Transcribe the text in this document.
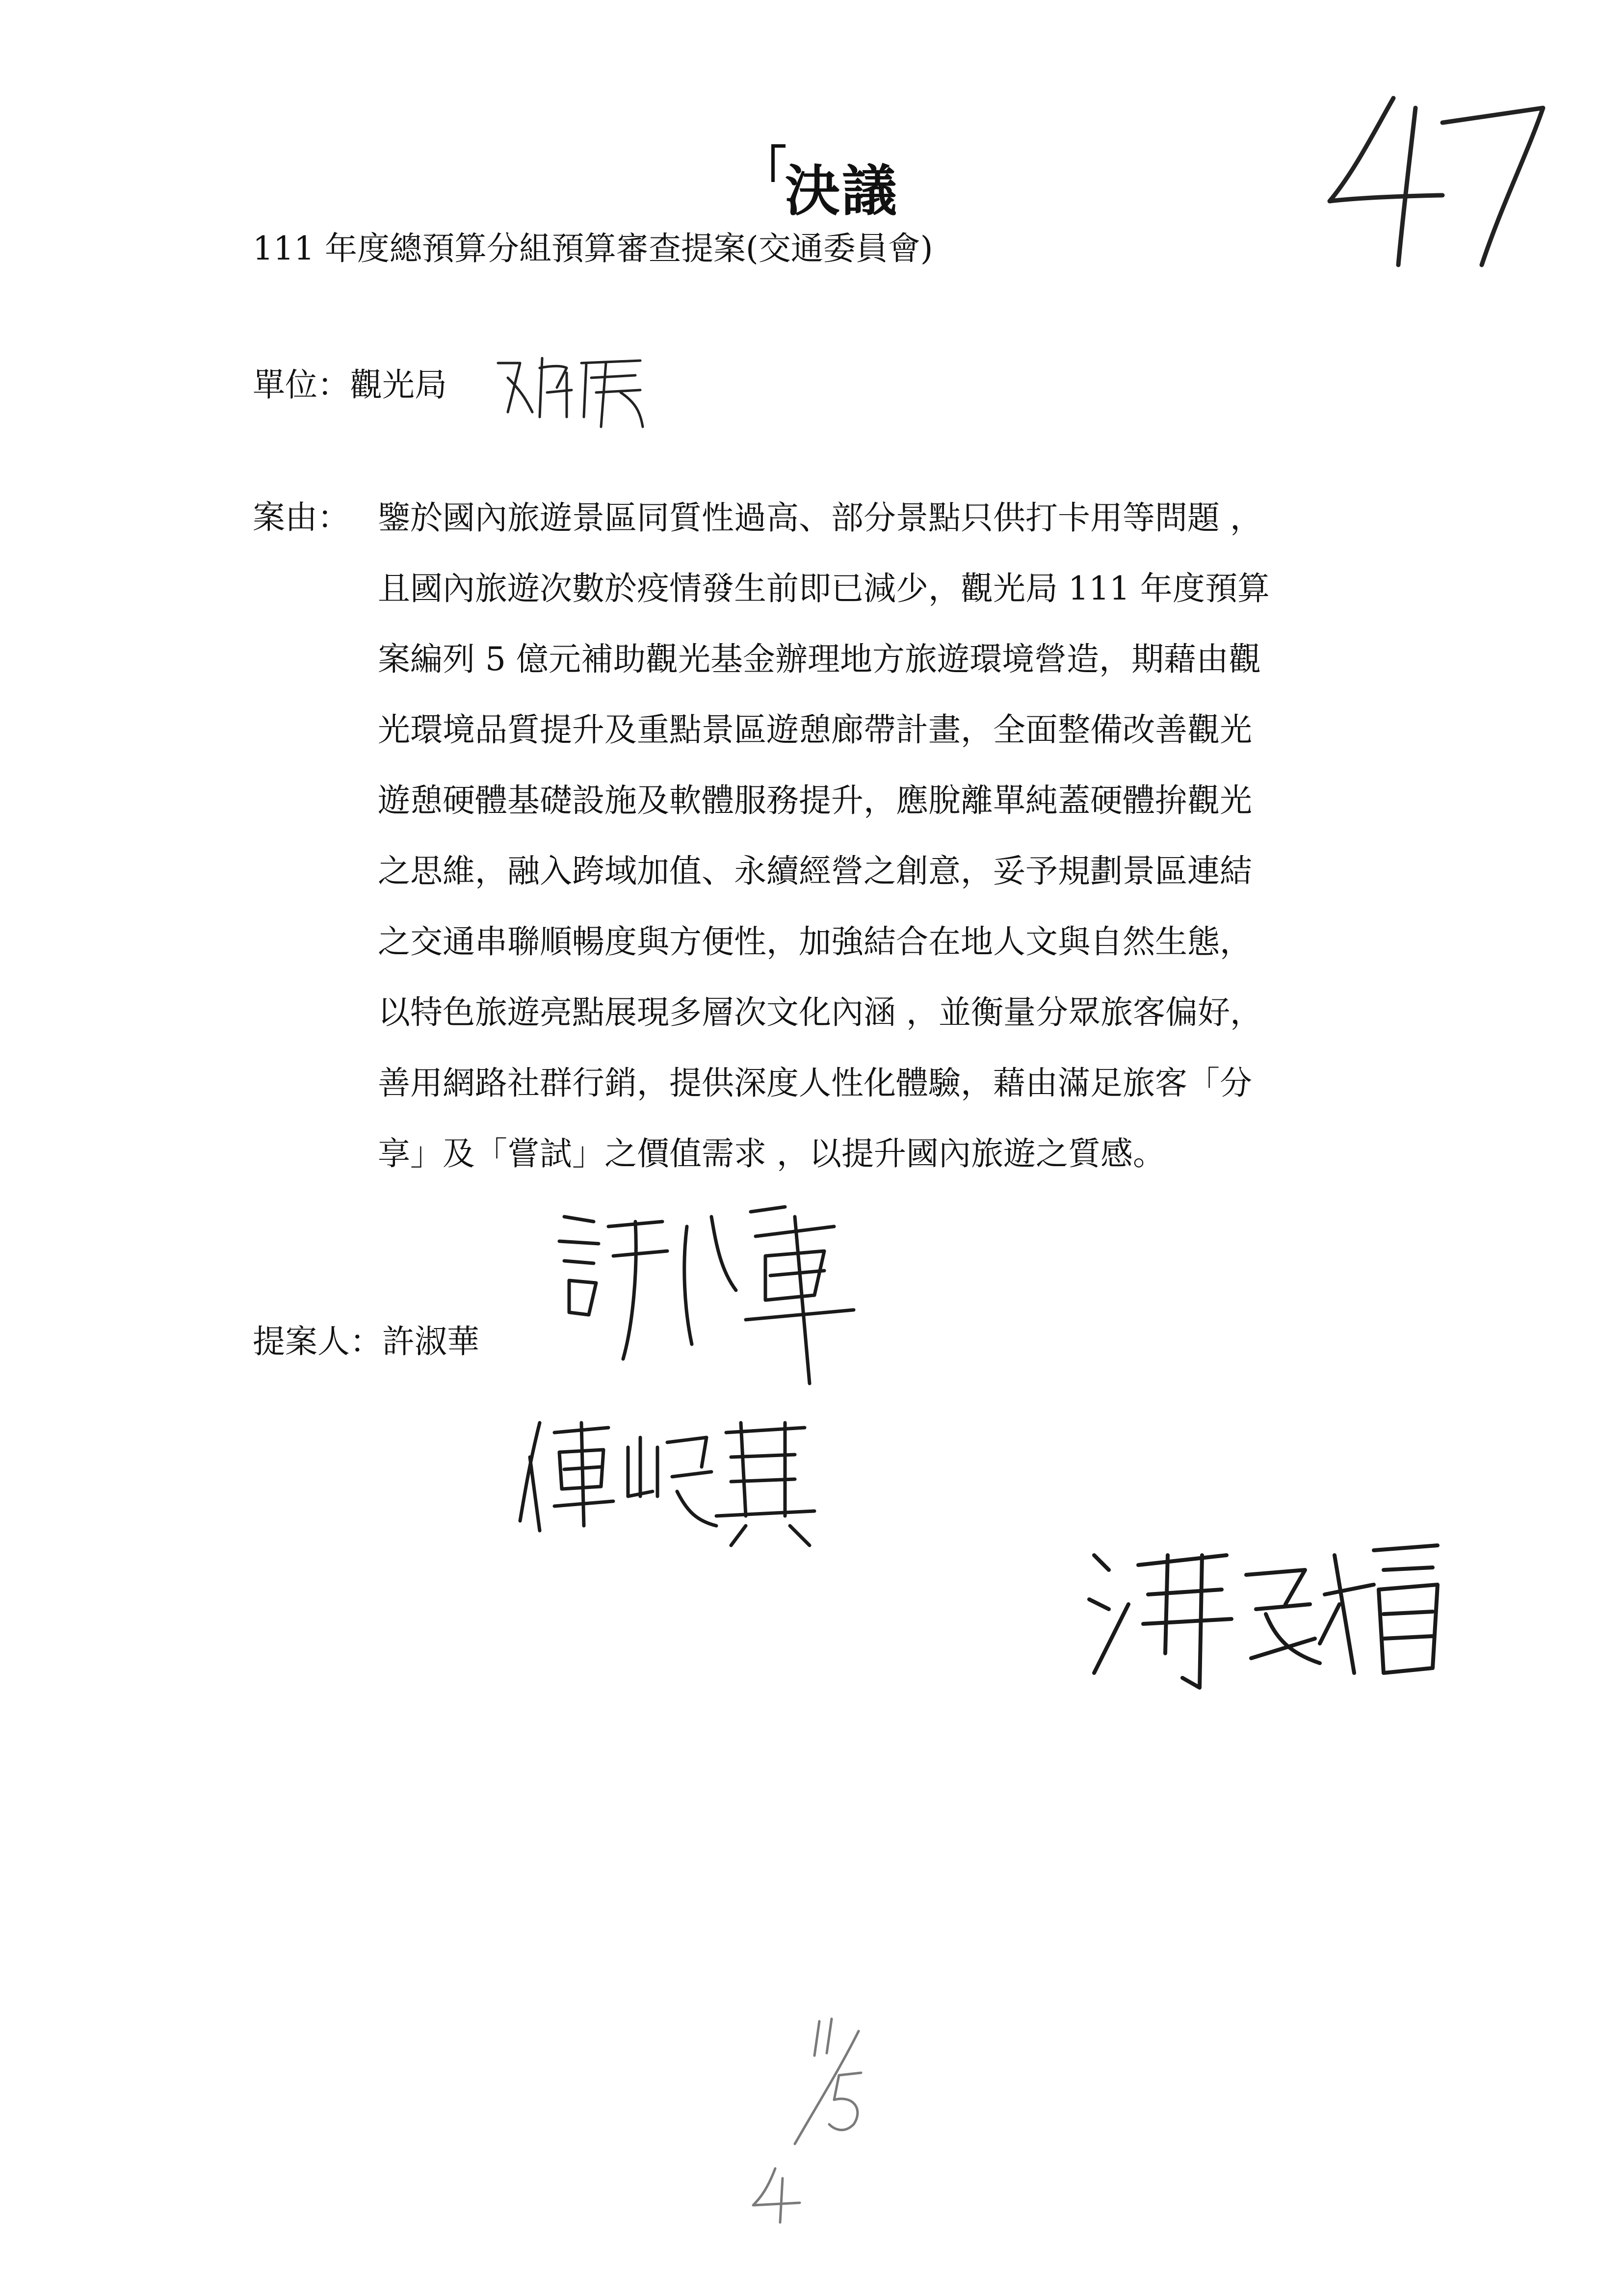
決議
111 年度總預算分組預算審查提案(交通委員會)
單位：觀光局
案由： 鑒於國內旅遊景區同質性過高、部分景點只供打卡用等問題 ，
且國內旅遊次數於疫情發生前即已減少，觀光局 111 年度預算
案編列 5 億元補助觀光基金辦理地方旅遊環境營造，期藉由觀
光環境品質提升及重點景區遊憩廊帶計畫，全面整備改善觀光
遊憩硬體基礎設施及軟體服務提升，應脫離單純蓋硬體拚觀光
之思維，融入跨域加值、永續經營之創意，妥予規劃景區連結
之交通串聯順暢度與方便性，加強結合在地人文與自然生態，
以特色旅遊亮點展現多層次文化內涵 ，並衡量分眾旅客偏好，
善用網路社群行銷，提供深度人性化體驗，藉由滿足旅客「分
享」及「嘗試」之價值需求 ，以提升國內旅遊之質感。
提案人：許淑華
